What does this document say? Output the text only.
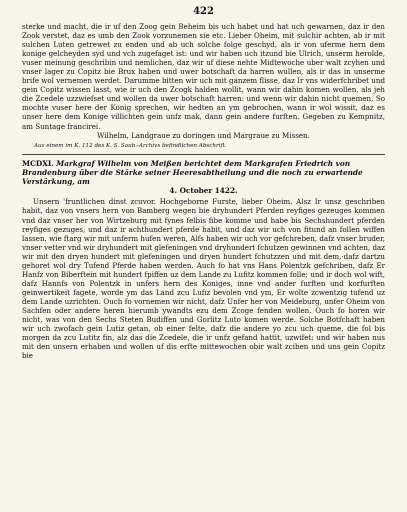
422

sterke und macht, die ir uf den Zoog gein Beheim bis uch habet und hat uch gewarnen, daz ir den Zook verstet, daz es umb den Zook vorzunemen sie etc. Lieber Oheim, mit sulchir achten, ab ir mit sulchen Luten getrewet zu enden und ab uch solche folge geschyd, als ir von uferme hern dem konige gelcheyden syd und vch zugefaget ist: und wir haben uch itzund bie Ulrich, unserm heroldе, vuser meinung geschribin und nemlichen, daz wir uf diese nehte Midtewoche uber walt zcyhen und vnser lager zu Copitz bie Brux haben und uwer botschaft da harren wullen, als ir das in unserme brife wol vernemen werdet. Darumme bitten wir uch mit ganzem flisse, daz Ir vns widerfchribet und gein Copitz wissen lasst, wie ir uch den Zcogk halden wollit, wann wir dahin komen wollen, als jeh die Zcedele uzzwiefset und wollen da uwer botschaft harren: und wenn wir dahin nicht quemen, So mochte vuser here der Konig sprechen, wir hedten an ym gebrochen, wann ir wol wissit, daz es unser here dem Konige villichten gein unfz mak, dann gein andere furften. Gegeben zu Kempnitz, am Suntage francirei.

Wilhelm, Landgraue zu doringen und Margraue zu Missen.

Aus einem im K. 112 des K. S. Saub.-Archivs befindlichen Abschrift.

MCDXI. Markgraf Wilhelm von Meißen berichtet dem Markgrafen Friedrich von Brandenburg über die Stärke seiner Heeresabtheilung und die noch zu erwartende Verstärkung, am

4. October 1422.

Unsern 'fruntlichen dinst zcuvor. Hochgeborne Furste, lieber Oheim. Alsz Ir unsz geschriben habit, daz von vnsers hern von Bamberg wegen bie dryhundert Pferden reyfiges gezeuges kommen vnd daz vnser her von Wirtzeburg mit fynes felbis fibe komme und habe bis Sechshundert pferden reyfiges gezuges, und daz ir achthundert pferde habit, und daz wir uch von fitund an follen wiffen lassen, wie ftarg wir mit unferm hufen weren, Alfs haben wir uch vor gefchreben, dafz vnser bruder, vnser vetter vnd wir dryhundert mit glefeningen vnd dryhundert fchutzen gewinnen vnd achten, daz wir mit den dryen hundert mit glefeningen und dryen hundert fchutzzen und mit dem,·dafz dartzu gehoret wol dry Tufend Pferde haben werden. Auch fo hat vns Hans Polentzk gefchriben, dafz Er Hanfz von Biberftein mit hundert fpiffen uz dem Lande zu Lufitz kommen folle; und ir doch wol wift, dafz Hannfs von Polentzk in unfers hern des Koniges, inne vnd ander furften und korfurften geinwertikeit fagete, worde ym das Land zcu Lufiz bevolen vnd ym, Er wolte zcwentzig tufend uz dem Lande uzrichten. Ouch fo vornemen wir nicht, dafz Unfer her von Meideburg, unfer Oheim von Sachfen oder andere heren hierumb ywandts ezu dem Zcoge fenden wollen. Ouch fo horen wir nicht, was von den Sechs Steten Budiffen und Gorlitz Luto komen werde. Solche Botfchaft haben wir uch zwofach gein Lutiz getan, ob einer felte, dafz die andere yo zcu uch queme, die fol bis morgen da zcu Lutitz fin, alz das die Zcedele, die ir unfz gefand hattit, uzwifet: und wir haben nus mit den unsern erhaben und wollen uf dis erfte mittewochen obir walt zciben und uns gein Copitz bie
